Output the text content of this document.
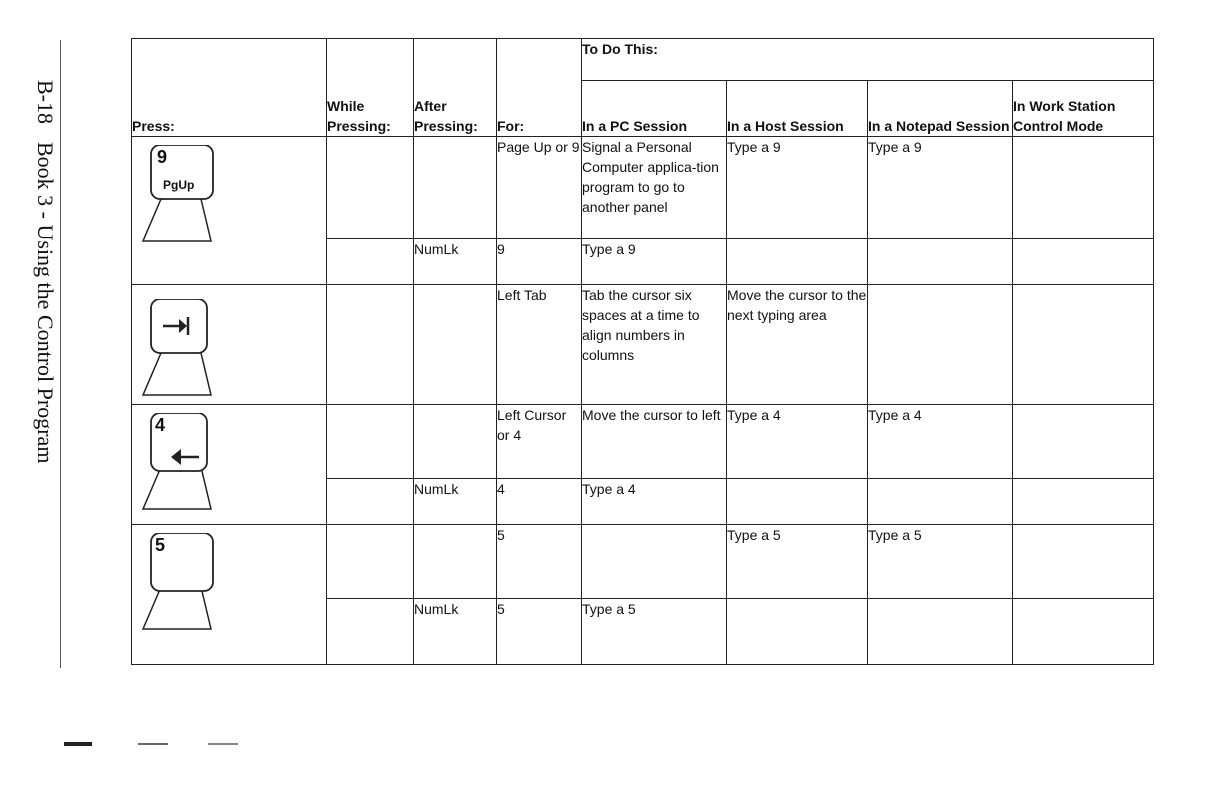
B-18Book 3 - Using the Control Program
Press:	While Pressing:	After Pressing:	For:	To Do This:			
				In a PC Session	In a Host Session	In a Notepad Session	In Work Station Control Mode

9
PgUp			Page Up or 9	Signal a Personal Computer applica-tion program to go to another panel	Type a 9	Type a 9	
		NumLk	9	Type a 9			

			Left Tab	Tab the cursor six spaces at a time to align numbers in columns	Move the cursor to the next typing area		

4			Left Cursor or 4	Move the cursor to left	Type a 4	Type a 4	
		NumLk	4	Type a 4			

5			5		Type a 5	Type a 5	
		NumLk	5	Type a 5			
